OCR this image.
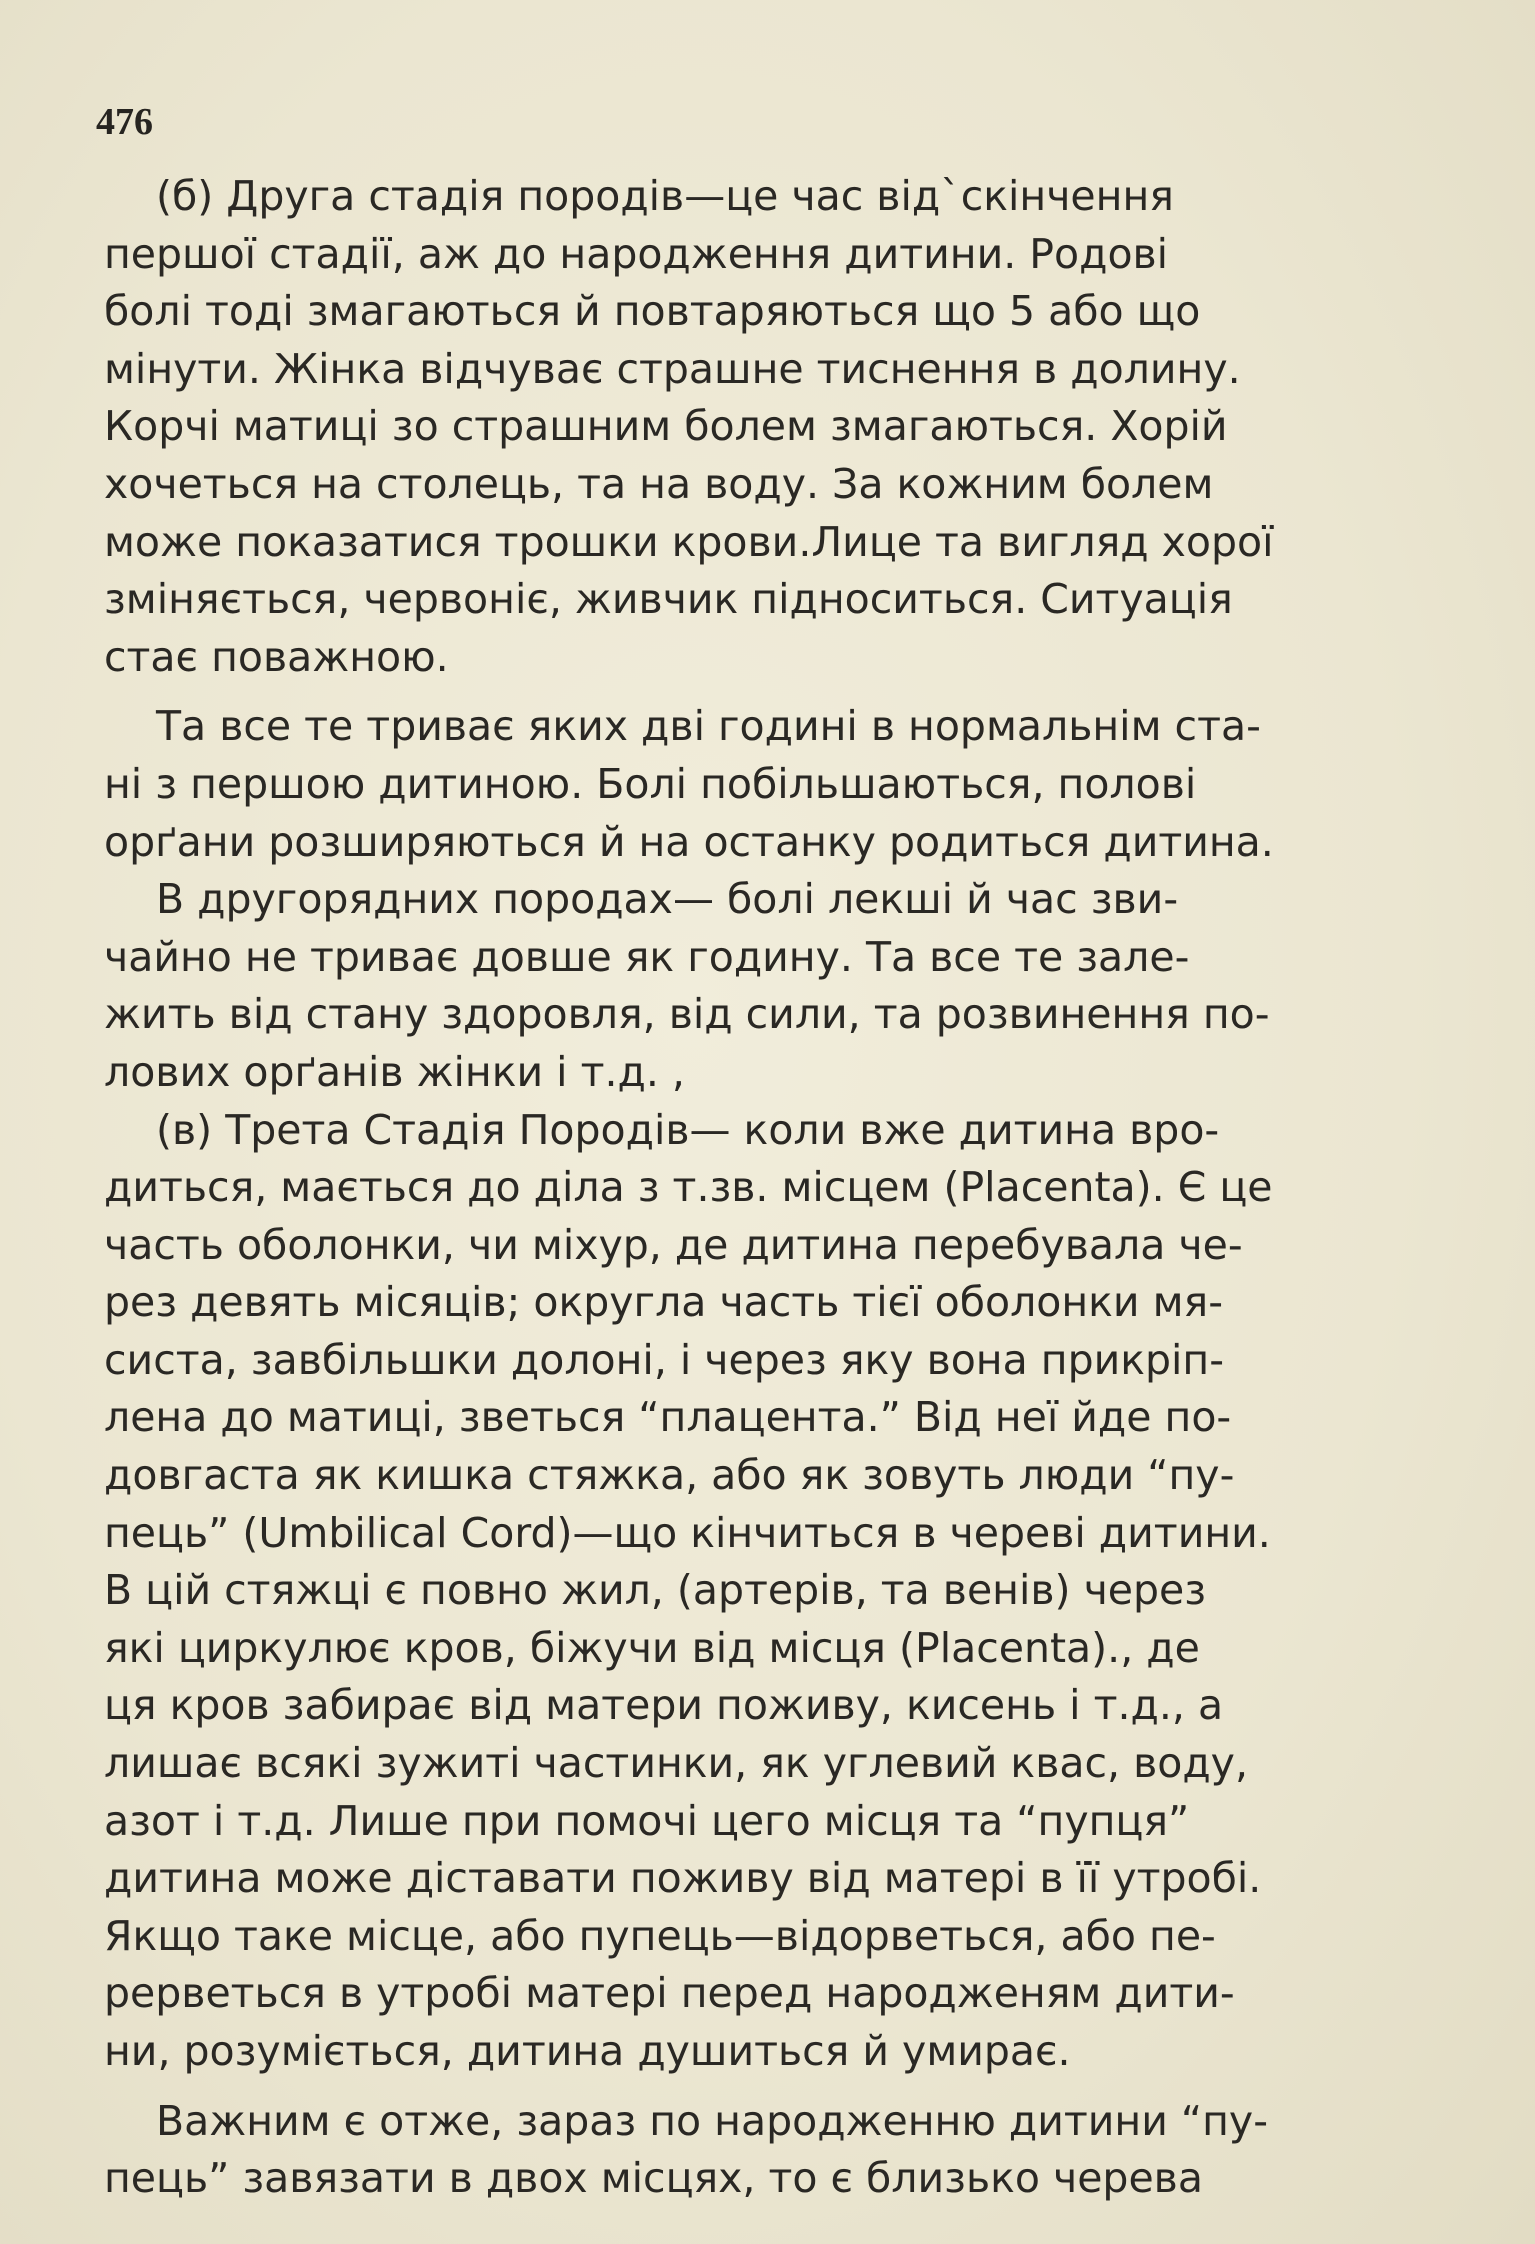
476

(б) Друга стадія породів—це час від`скінчення
першої стадії, аж до народження дитини. Родові
болі тоді змагаються й повтаряються що 5 або що
мінути. Жінка відчуває страшне тиснення в долину.
Корчі матиці зо страшним болем змагаються. Хорій
хочеться на столець, та на воду. За кожним болем
може показатися трошки крови.Лице та вигляд хорої
зміняється, червоніє, живчик підноситься. Ситуація
стає поважною.
Та все те триває яких дві годині в нормальнім ста-
ні з першою дитиною. Болі побільшаються, полові
орґани розширяються й на останку родиться дитина.
В другорядних породах— болі лекші й час зви-
чайно не триває довше як годину. Та все те зале-
жить від стану здоровля, від сили, та розвинення по-
лових орґанів жінки і т.д. ,
(в) Трета Стадія Породів— коли вже дитина вро-
диться, мається до діла з т.зв. місцем (Placenta). Є це
часть оболонки, чи міхур, де дитина перебувала че-
рез девять місяців; округла часть тієї оболонки мя-
систа, завбільшки долоні, і через яку вона прикріп-
лена до матиці, зветься “плацента.” Від неї йде по-
довгаста як кишка стяжка, або як зовуть люди “пу-
пець” (Umbilical Cord)—що кінчиться в череві дитини.
В цій стяжці є повно жил, (артерів, та венів) через
які циркулює кров, біжучи від місця (Placenta)., де
ця кров забирає від матери поживу, кисень і т.д., а
лишає всякі зужиті частинки, як углевий квас, воду,
азот і т.д. Лише при помочі цего місця та “пупця”
дитина може діставати поживу від матері в її утробі.
Якщо таке місце, або пупець—відорветься, або пе-
рерветься в утробі матері перед народженям дити-
ни, розуміється, дитина душиться й умирає.
Важним є отже, зараз по народженню дитини “пу-
пець” завязати в двох місцях, то є близько черева
